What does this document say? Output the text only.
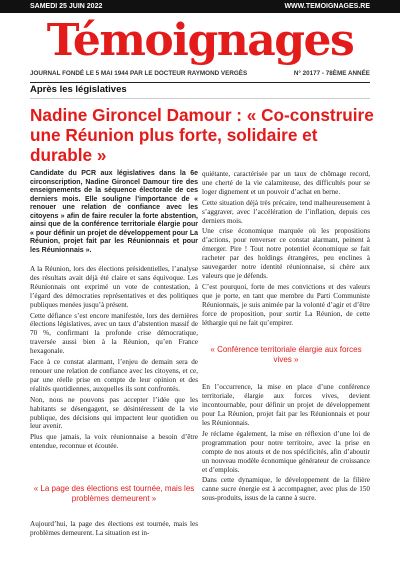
SAMEDI 25 JUIN 2022	WWW.TEMOIGNAGES.RE
Témoignages
JOURNAL FONDÉ LE 5 MAI 1944 PAR LE DOCTEUR RAYMOND VERGÈS	N° 20177 - 78ÈME ANNÉE
Après les législatives
Nadine Gironcel Damour : « Co-construire une Réunion plus forte, solidaire et durable »

Candidate du PCR aux législatives dans la 6e circonscription, Nadine Gironcel Damour tire des enseignements de la séquence électorale de ces derniers mois. Elle souligne l’importance de « renouer une relation de confiance avec les citoyens » afin de faire reculer la forte abstention, ainsi que de la conférence territoriale élargie pour « pour définir un projet de développement pour La Réunion, projet fait par les Réunionnais et pour les Réunionnais ».

A la Réunion, lors des élections présidentielles, l’analyse des résultats avait déjà été claire et sans équivoque. Les Réunionnais ont exprimé un vote de contestation, à l’égard des démocraties représentatives et des politiques publiques menées jusqu’à présent.

Cette défiance s’est encore manifestée, lors des dernières élections législatives, avec un taux d’abstention massif de 70 %, confirmant la profonde crise démocratique, traversée aussi bien à la Réunion, qu’en France hexagonale.

Face à ce constat alarmant, l’enjeu de demain sera de renouer une relation de confiance avec les citoyens, et ce, par une réelle prise en compte de leur opinion et des réalités quotidiennes, auxquelles ils sont confrontés.

Non, nous ne pouvons pas accepter l’idée que les habitants se désengagent, se désintéressent de la vie publique, des décisions qui impactent leur quotidien ou leur avenir.

Plus que jamais, la voix réunionnaise a besoin d’être entendue, reconnue et écoutée.

« La page des élections est tournée, mais les problèmes demeurent »
Aujourd’hui, la page des élections est tournée, mais les problèmes demeurent. La situation est in-

quiétante, caractérisée par un taux de chômage record, une cherté de la vie calamiteuse, des difficultés pour se loger dignement et un pouvoir d’achat en berne.

Cette situation déjà très précaire, tend malheureusement à s’aggraver, avec l’accélération de l’inflation, depuis ces derniers mois.

Une crise économique marquée où les propositions d’actions, pour renverser ce constat alarmant, peinent à émerger. Pire ! Tout notre potentiel économique se fait racheter par des holdings étrangères, peu enclines à sauvegarder notre identité réunionnaise, si chère aux valeurs que je défends.

C’est pourquoi, forte de mes convictions et des valeurs que je porte, en tant que membre du Parti Communiste Réunionnais, je suis animée par la volonté d’agir et d’être force de proposition, pour sortir La Réunion, de cette léthargie qui ne fait qu’empirer.

« Conférence territoriale élargie aux forces vives »

En l’occurrence, la mise en place d’une conférence territoriale, élargie aux forces vives, devient incontournable, pour définir un projet de développement pour La Réunion, projet fait par les Réunionnais et pour les Réunionnais.

Je réclame également, la mise en réflexion d’une loi de programmation pour notre territoire, avec la prise en compte de nos atouts et de nos spécificités, afin d’aboutir un nouveau modèle économique générateur de croissance et d’emplois.

Dans cette dynamique, le développement de la filière canne sucre énergie est à accompagner, avec plus de 150 sous-produits, issus de la canne à sucre.
